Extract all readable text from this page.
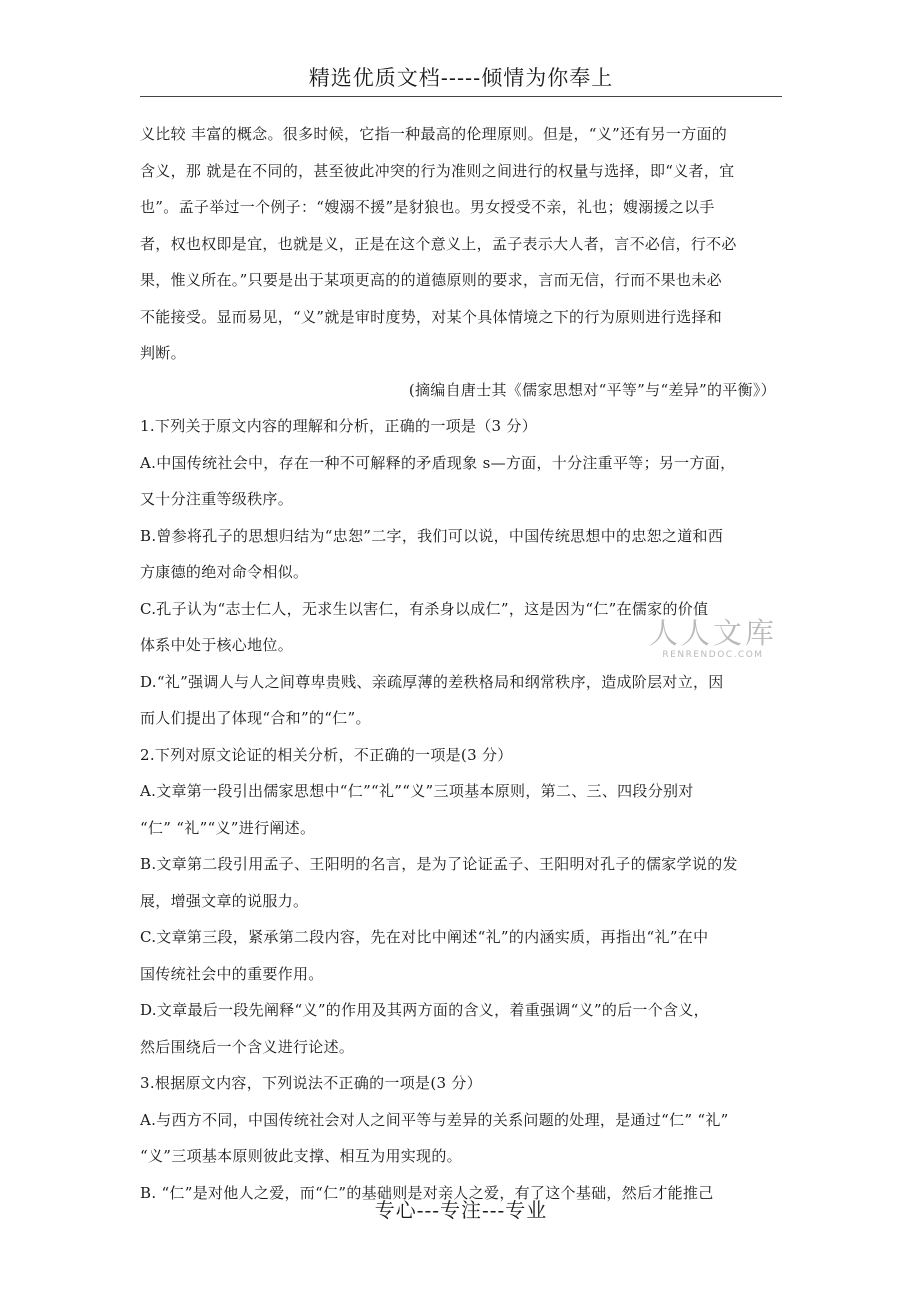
精选优质文档-----倾情为你奉上
人人文库
RENRENDOC.COM

义比较 丰富的概念。很多时候，它指一种最高的伦理原则。但是，“义”还有另一方面的

含义，那 就是在不同的，甚至彼此冲突的行为准则之间进行的权量与选择，即“义者，宜

也”。孟子举过一个例子：“嫂溺不援”是豺狼也。男女授受不亲，礼也；嫂溺援之以手

者，权也权即是宜，也就是义，正是在这个意义上，孟子表示大人者，言不必信，行不必

果，惟义所在。”只要是出于某项更高的的道德原则的要求，言而无信，行而不果也未必

不能接受。显而易见，“义”就是审时度势，对某个具体情境之下的行为原则进行选择和

判断。

(摘编自唐士其《儒家思想对“平等”与“差异”的平衡》）

1.下列关于原文内容的理解和分析，正确的一项是（3 分）

A.中国传统社会中，存在一种不可解释的矛盾现象 s—方面，十分注重平等；另一方面，

又十分注重等级秩序。

B.曾参将孔子的思想归结为“忠恕”二字，我们可以说，中国传统思想中的忠恕之道和西

方康德的绝对命令相似。

C.孔子认为“志士仁人，无求生以害仁，有杀身以成仁”，这是因为“仁”在儒家的价值

体系中处于核心地位。

D.“礼”强调人与人之间尊卑贵贱、亲疏厚薄的差秩格局和纲常秩序，造成阶层对立，因

而人们提出了体现“合和”的“仁”。

2.下列对原文论证的相关分析，不正确的一项是(3 分）

A.文章第一段引出儒家思想中“仁”“礼”“义”三项基本原则，第二、三、四段分别对

“仁” “礼”“义”进行阐述。

B.文章第二段引用孟子、王阳明的名言，是为了论证孟子、王阳明对孔子的儒家学说的发

展，增强文章的说服力。

C.文章第三段，紧承第二段内容，先在对比中阐述“礼”的内涵实质，再指出“礼”在中

国传统社会中的重要作用。

D.文章最后一段先阐释“义”的作用及其两方面的含义，着重强调“义”的后一个含义，

然后围绕后一个含义进行论述。

3.根据原文内容，下列说法不正确的一项是(3 分）

A.与西方不同，中国传统社会对人之间平等与差异的关系问题的处理，是通过“仁” “礼”

“义”三项基本原则彼此支撑、相互为用实现的。

B. “仁”是对他人之爱，而“仁”的基础则是对亲人之爱，有了这个基础，然后才能推己

专心---专注---专业
